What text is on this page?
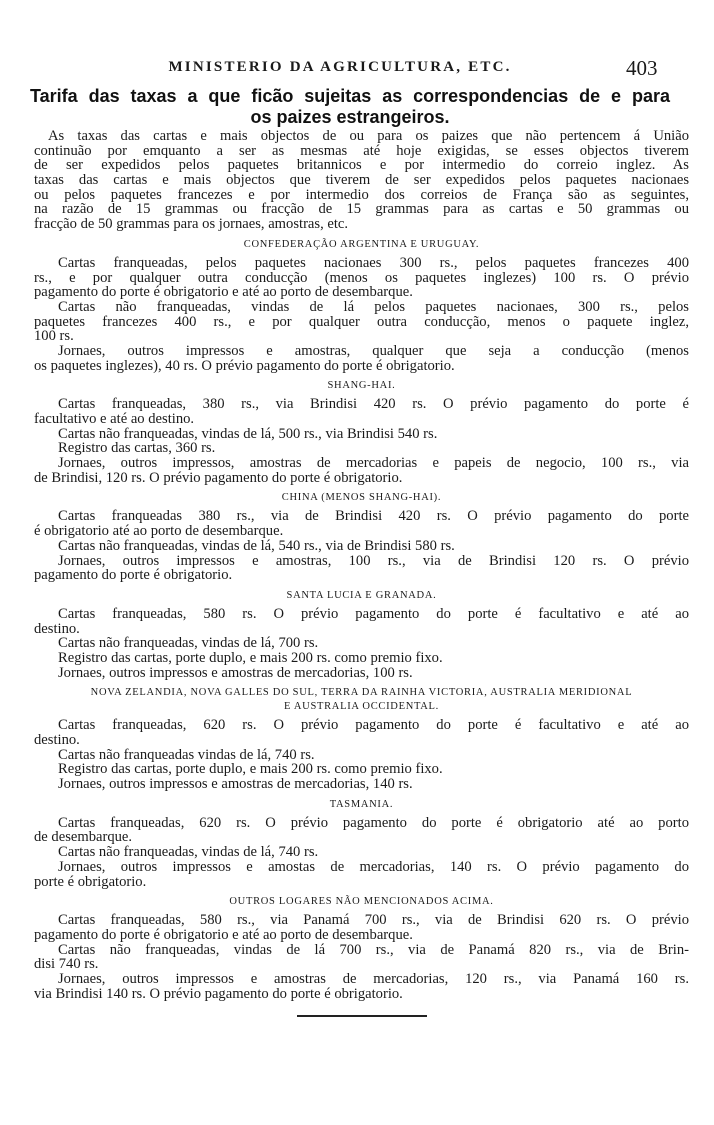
MINISTERIO DA AGRICULTURA, ETC.	403
Tarifa das taxas a que ficão sujeitas as correspondencias de e para
os paizes estrangeiros.
As taxas das cartas e mais objectos de ou para os paizes que não pertencem á União
continuão por emquanto a ser as mesmas até hoje exigidas, se esses objectos tiverem
de ser expedidos pelos paquetes britannicos e por intermedio do correio inglez. As
taxas das cartas e mais objectos que tiverem de ser expedidos pelos paquetes nacionaes
ou pelos paquetes francezes e por intermedio dos correios de França são as seguintes,
na razão de 15 grammas ou fracção de 15 grammas para as cartas e 50 grammas ou
fracção de 50 grammas para os jornaes, amostras, etc.
CONFEDERAÇÃO ARGENTINA E URUGUAY.
Cartas franqueadas, pelos paquetes nacionaes 300 rs., pelos paquetes francezes 400
rs., e por qualquer outra conducção (menos os paquetes inglezes) 100 rs. O prévio
pagamento do porte é obrigatorio e até ao porto de desembarque.
Cartas não franqueadas, vindas de lá pelos paquetes nacionaes, 300 rs., pelos
paquetes francezes 400 rs., e por qualquer outra conducção, menos o paquete inglez,
100 rs.
Jornaes, outros impressos e amostras, qualquer que seja a conducção (menos
os paquetes inglezes), 40 rs. O prévio pagamento do porte é obrigatorio.
SHANG-HAI.
Cartas franqueadas, 380 rs., via Brindisi 420 rs. O prévio pagamento do porte é
facultativo e até ao destino.
Cartas não franqueadas, vindas de lá, 500 rs., via Brindisi 540 rs.
Registro das cartas, 360 rs.
Jornaes, outros impressos, amostras de mercadorias e papeis de negocio, 100 rs., via
de Brindisi, 120 rs. O prévio pagamento do porte é obrigatorio.
CHINA (MENOS SHANG-HAI).
Cartas franqueadas 380 rs., via de Brindisi 420 rs. O prévio pagamento do porte
é obrigatorio até ao porto de desembarque.
Cartas não franqueadas, vindas de lá, 540 rs., via de Brindisi 580 rs.
Jornaes, outros impressos e amostras, 100 rs., via de Brindisi 120 rs. O prévio
pagamento do porte é obrigatorio.
SANTA LUCIA E GRANADA.
Cartas franqueadas, 580 rs. O prévio pagamento do porte é facultativo e até ao
destino.
Cartas não franqueadas, vindas de lá, 700 rs.
Registro das cartas, porte duplo, e mais 200 rs. como premio fixo.
Jornaes, outros impressos e amostras de mercadorias, 100 rs.
NOVA ZELANDIA, NOVA GALLES DO SUL, TERRA DA RAINHA VICTORIA, AUSTRALIA MERIDIONAL
E AUSTRALIA OCCIDENTAL.
Cartas franqueadas, 620 rs. O prévio pagamento do porte é facultativo e até ao
destino.
Cartas não franqueadas vindas de lá, 740 rs.
Registro das cartas, porte duplo, e mais 200 rs. como premio fixo.
Jornaes, outros impressos e amostras de mercadorias, 140 rs.
TASMANIA.
Cartas franqueadas, 620 rs. O prévio pagamento do porte é obrigatorio até ao porto
de desembarque.
Cartas não franqueadas, vindas de lá, 740 rs.
Jornaes, outros impressos e amostas de mercadorias, 140 rs. O prévio pagamento do
porte é obrigatorio.
OUTROS LOGARES NÃO MENCIONADOS ACIMA.
Cartas franqueadas, 580 rs., via Panamá 700 rs., via de Brindisi 620 rs. O prévio
pagamento do porte é obrigatorio e até ao porto de desembarque.
Cartas não franqueadas, vindas de lá 700 rs., via de Panamá 820 rs., via de Brin-
disi 740 rs.
Jornaes, outros impressos e amostras de mercadorias, 120 rs., via Panamá 160 rs.
via Brindisi 140 rs. O prévio pagamento do porte é obrigatorio.
